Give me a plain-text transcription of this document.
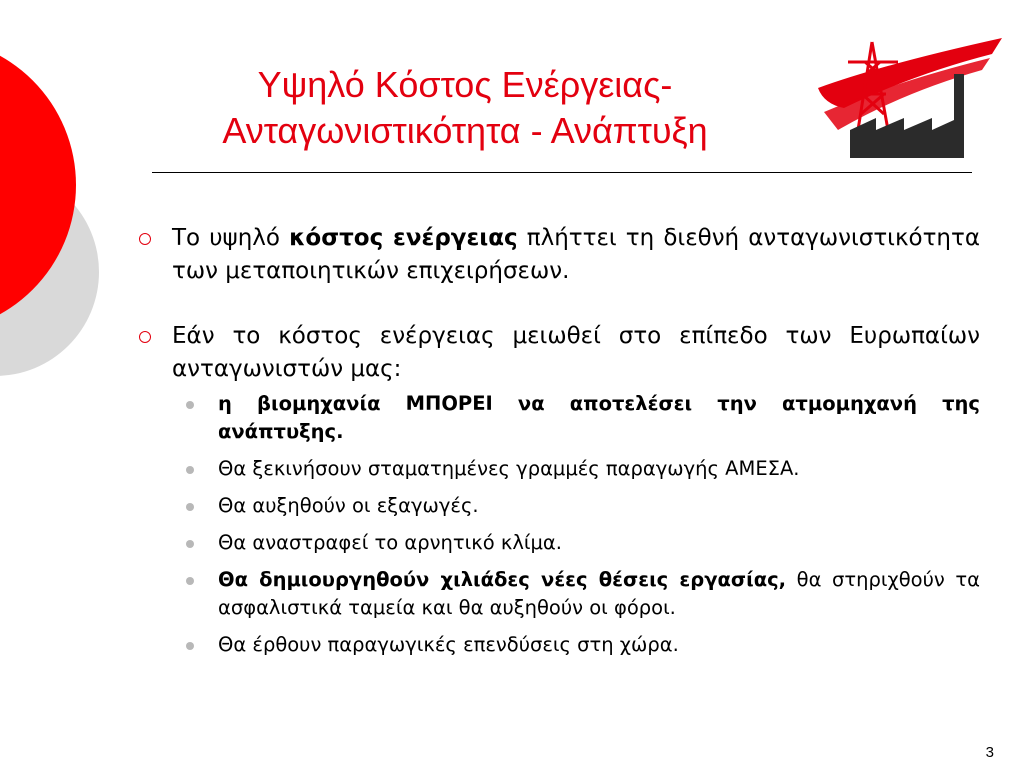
Υψηλό Κόστος Ενέργειας-
Ανταγωνιστικότητα - Ανάπτυξη

Το υψηλό κόστος ενέργειας πλήττει τη διεθνή ανταγωνιστικότητα των μεταποιητικών επιχειρήσεων.

Εάν το κόστος ενέργειας μειωθεί στο επίπεδο των Ευρωπαίων ανταγωνιστών μας:

η βιομηχανία ΜΠΟΡΕΙ να αποτελέσει την ατμομηχανή της ανάπτυξης.
Θα ξεκινήσουν σταματημένες γραμμές παραγωγής ΑΜΕΣΑ.
Θα αυξηθούν οι εξαγωγές.
Θα αναστραφεί το αρνητικό κλίμα.
Θα δημιουργηθούν χιλιάδες νέες θέσεις εργασίας, θα στηριχθούν τα ασφαλιστικά ταμεία και θα αυξηθούν οι φόροι.
Θα έρθουν παραγωγικές επενδύσεις στη χώρα.
3
